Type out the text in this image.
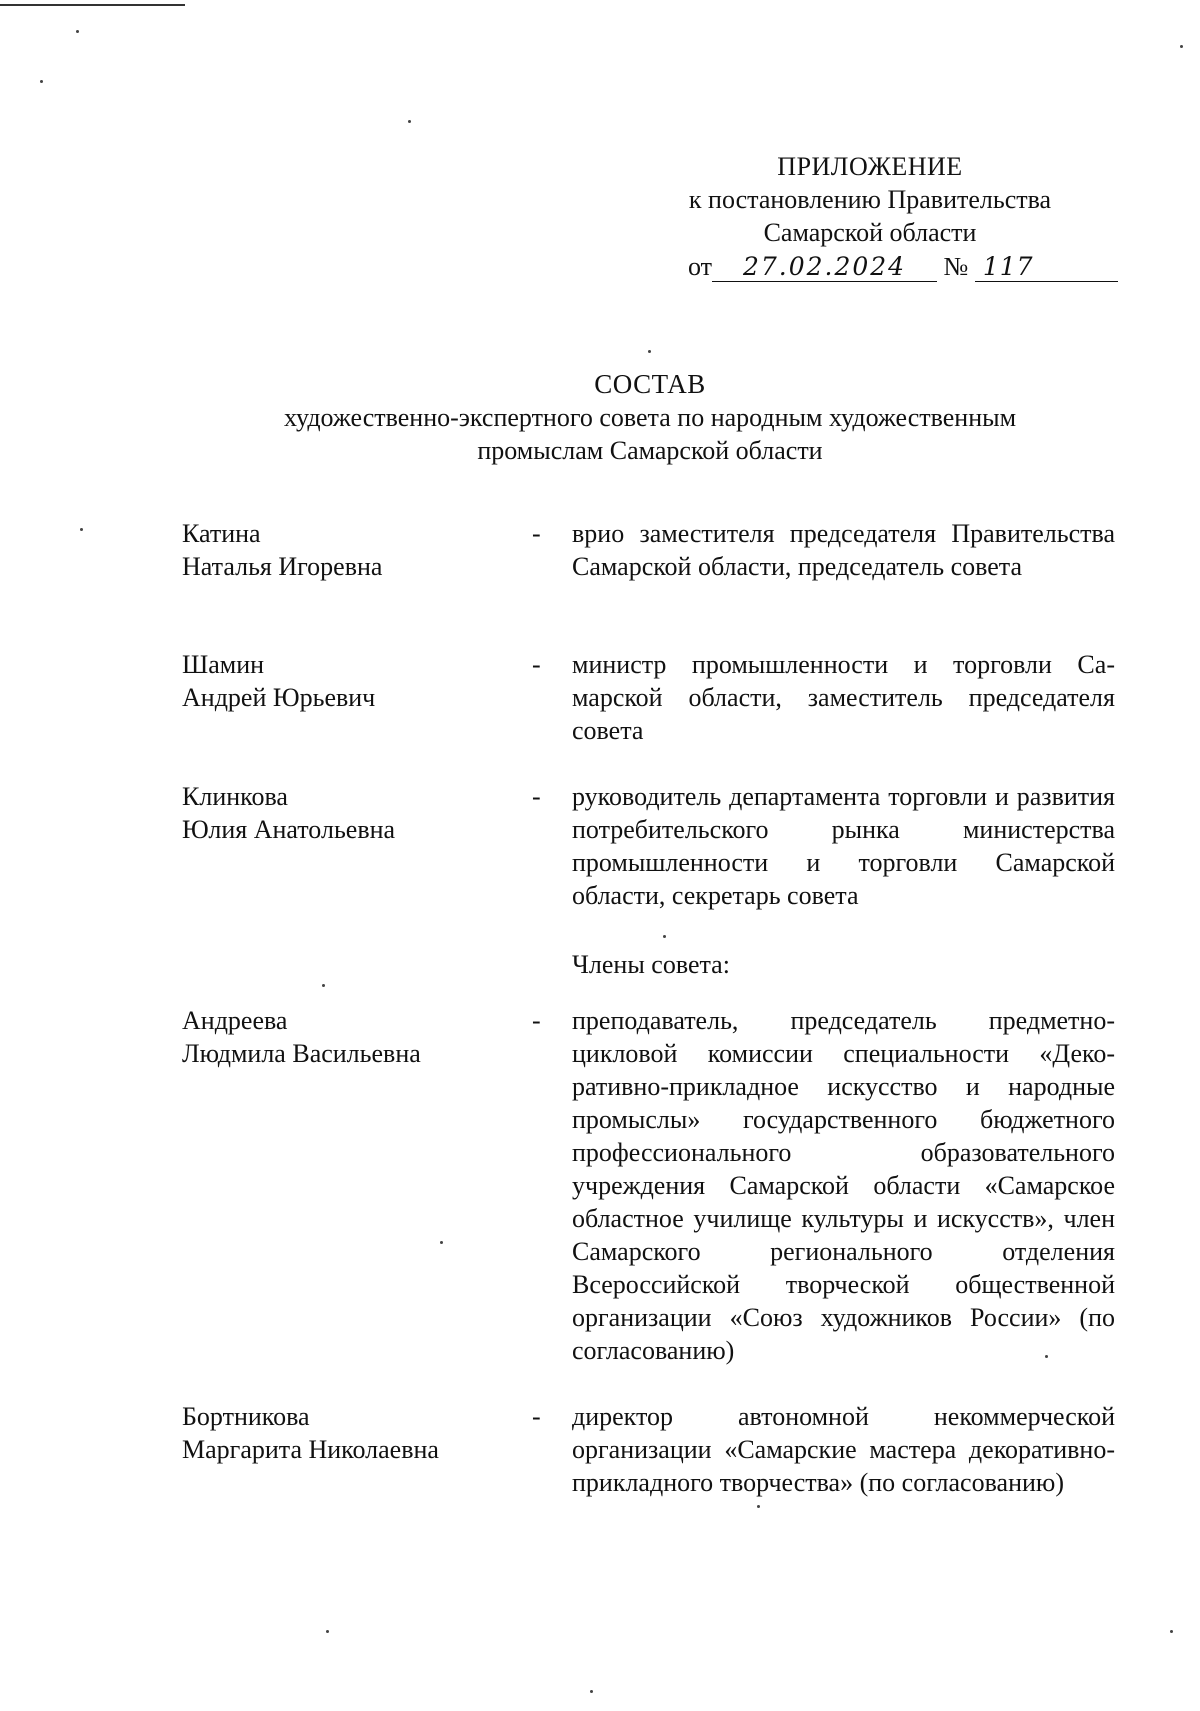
ПРИЛОЖЕНИЕ
к постановлению Правительства
Самарской области
от 27.02.2024 № 117
СОСТАВ
художественно-экспертного совета по народным художественным
промыслам Самарской области
Катина
Наталья Игоревна
-	врио заместителя председателя Правительства Самарской области, председатель совета
Шамин
Андрей Юрьевич
-	министр промышленности и торговли Самарской области, заместитель председателя совета
Клинкова
Юлия Анатольевна
-	руководитель департамента торговли и развития потребительского рынка министерства промышленности и торговли Самарской области, секретарь совета
Члены совета:
Андреева
Людмила Васильевна
-	преподаватель, председатель предметно-цикловой комиссии специальности «Декоративно-прикладное искусство и народные промыслы» государственного бюджетного профессионального образовательного учреждения Самарской области «Самарское областное училище культуры и искусств», член Самарского регионального отделения Всероссийской творческой общественной организации «Союз художников России» (по согласованию)
Бортникова
Маргарита Николаевна
-	директор автономной некоммерческой организации «Самарские мастера декоративно-прикладного творчества» (по согласованию)
